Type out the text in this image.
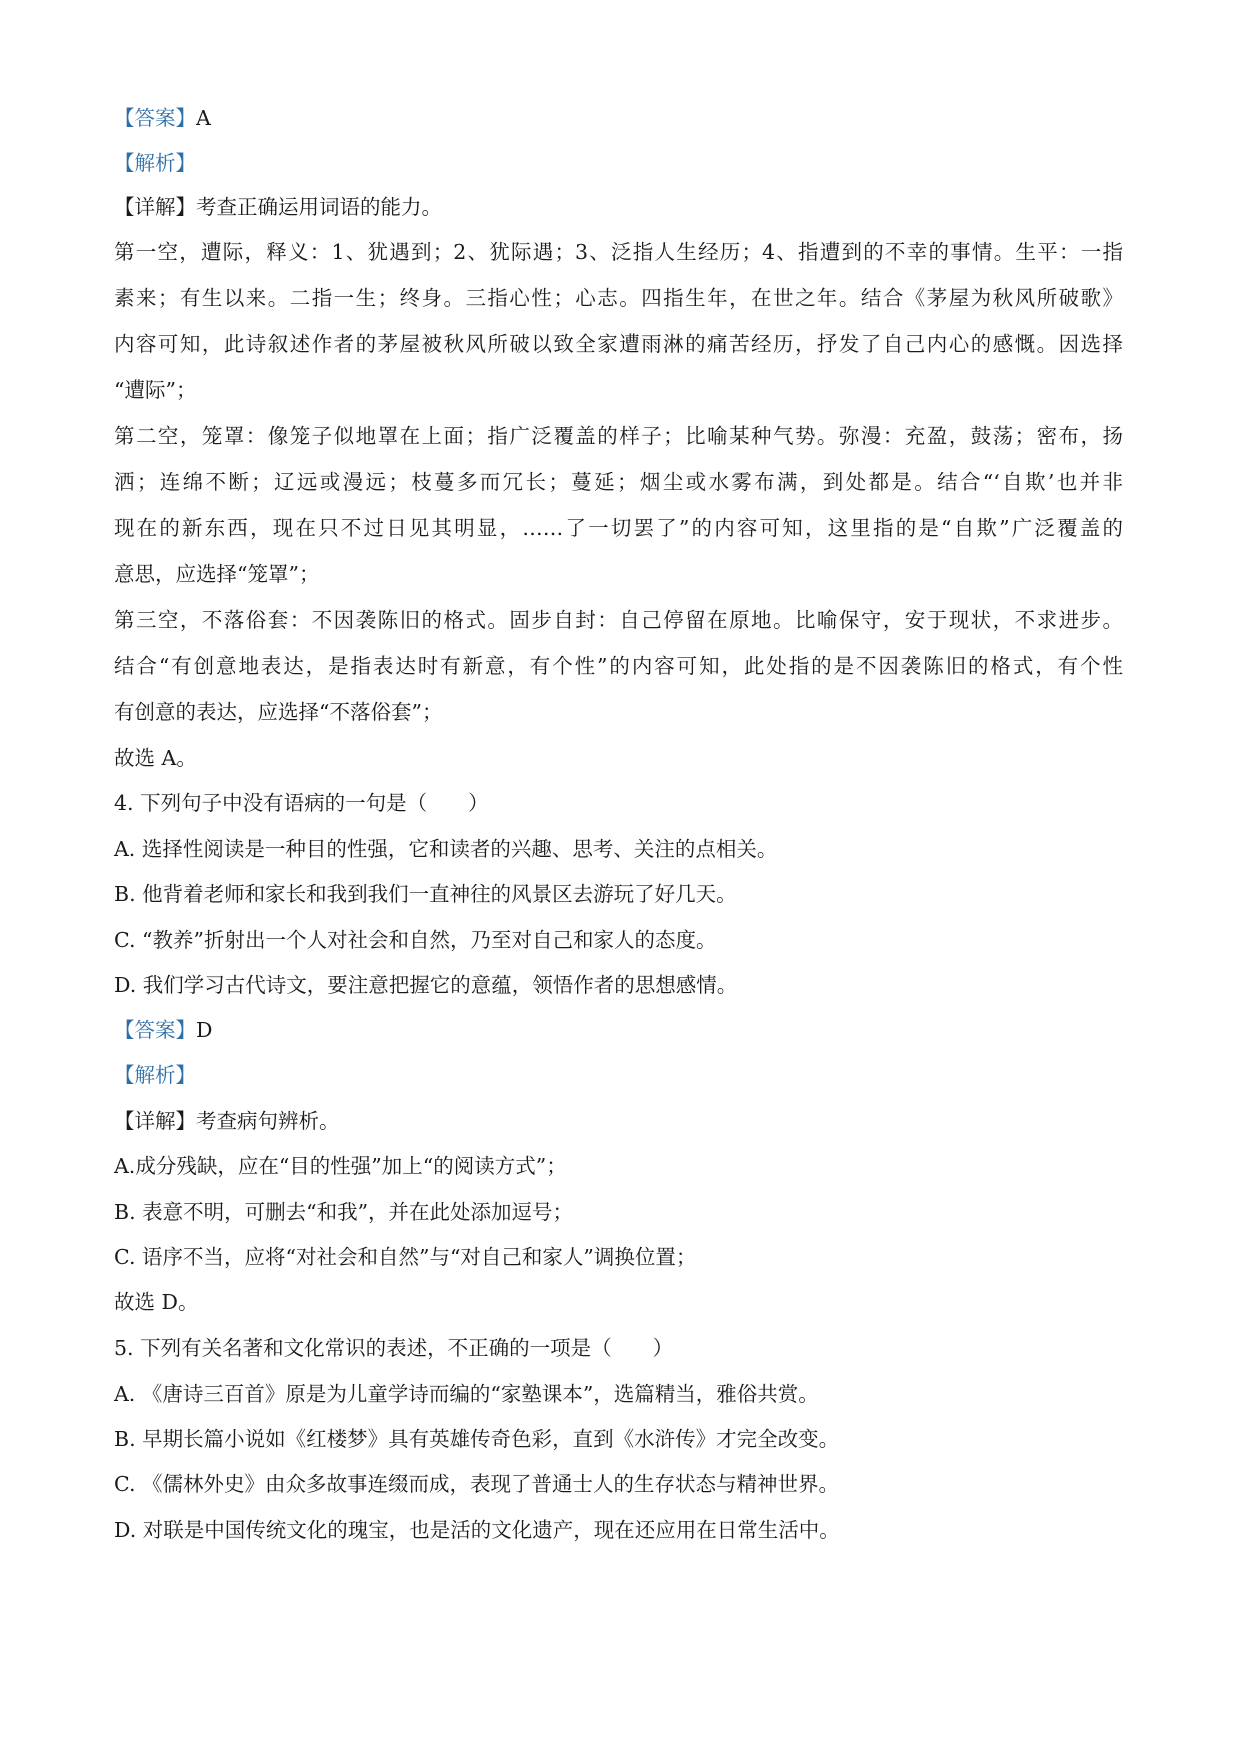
【答案】A
【解析】
【详解】考查正确运用词语的能力。
第一空，遭际，释义：1、犹遇到；2、犹际遇；3、泛指人生经历；4、指遭到的不幸的事情。生平：一指
素来；有生以来。二指一生；终身。三指心性；心志。四指生年，在世之年。结合《茅屋为秋风所破歌》
内容可知，此诗叙述作者的茅屋被秋风所破以致全家遭雨淋的痛苦经历，抒发了自己内心的感慨。因选择
“遭际”；
第二空，笼罩：像笼子似地罩在上面；指广泛覆盖的样子；比喻某种气势。弥漫：充盈，鼓荡；密布，扬
洒；连绵不断；辽远或漫远；枝蔓多而冗长；蔓延；烟尘或水雾布满，到处都是。结合“‘自欺’也并非
现在的新东西，现在只不过日见其明显，……了一切罢了”的内容可知，这里指的是“自欺”广泛覆盖的
意思，应选择“笼罩”；
第三空，不落俗套：不因袭陈旧的格式。固步自封：自己停留在原地。比喻保守，安于现状，不求进步。
结合“有创意地表达，是指表达时有新意，有个性”的内容可知，此处指的是不因袭陈旧的格式，有个性
有创意的表达，应选择“不落俗套”；
故选 A。
4. 下列句子中没有语病的一句是（　　）
A. 选择性阅读是一种目的性强，它和读者的兴趣、思考、关注的点相关。
B. 他背着老师和家长和我到我们一直神往的风景区去游玩了好几天。
C. “教养”折射出一个人对社会和自然，乃至对自己和家人的态度。
D. 我们学习古代诗文，要注意把握它的意蕴，领悟作者的思想感情。
【答案】D
【解析】
【详解】考查病句辨析。
A.成分残缺，应在“目的性强”加上“的阅读方式”；
B. 表意不明，可删去“和我”，并在此处添加逗号；
C. 语序不当，应将“对社会和自然”与“对自己和家人”调换位置；
故选 D。
5. 下列有关名著和文化常识的表述，不正确的一项是（　　）
A. 《唐诗三百首》原是为儿童学诗而编的“家塾课本”，选篇精当，雅俗共赏。
B. 早期长篇小说如《红楼梦》具有英雄传奇色彩，直到《水浒传》才完全改变。
C. 《儒林外史》由众多故事连缀而成，表现了普通士人的生存状态与精神世界。
D. 对联是中国传统文化的瑰宝，也是活的文化遗产，现在还应用在日常生活中。
